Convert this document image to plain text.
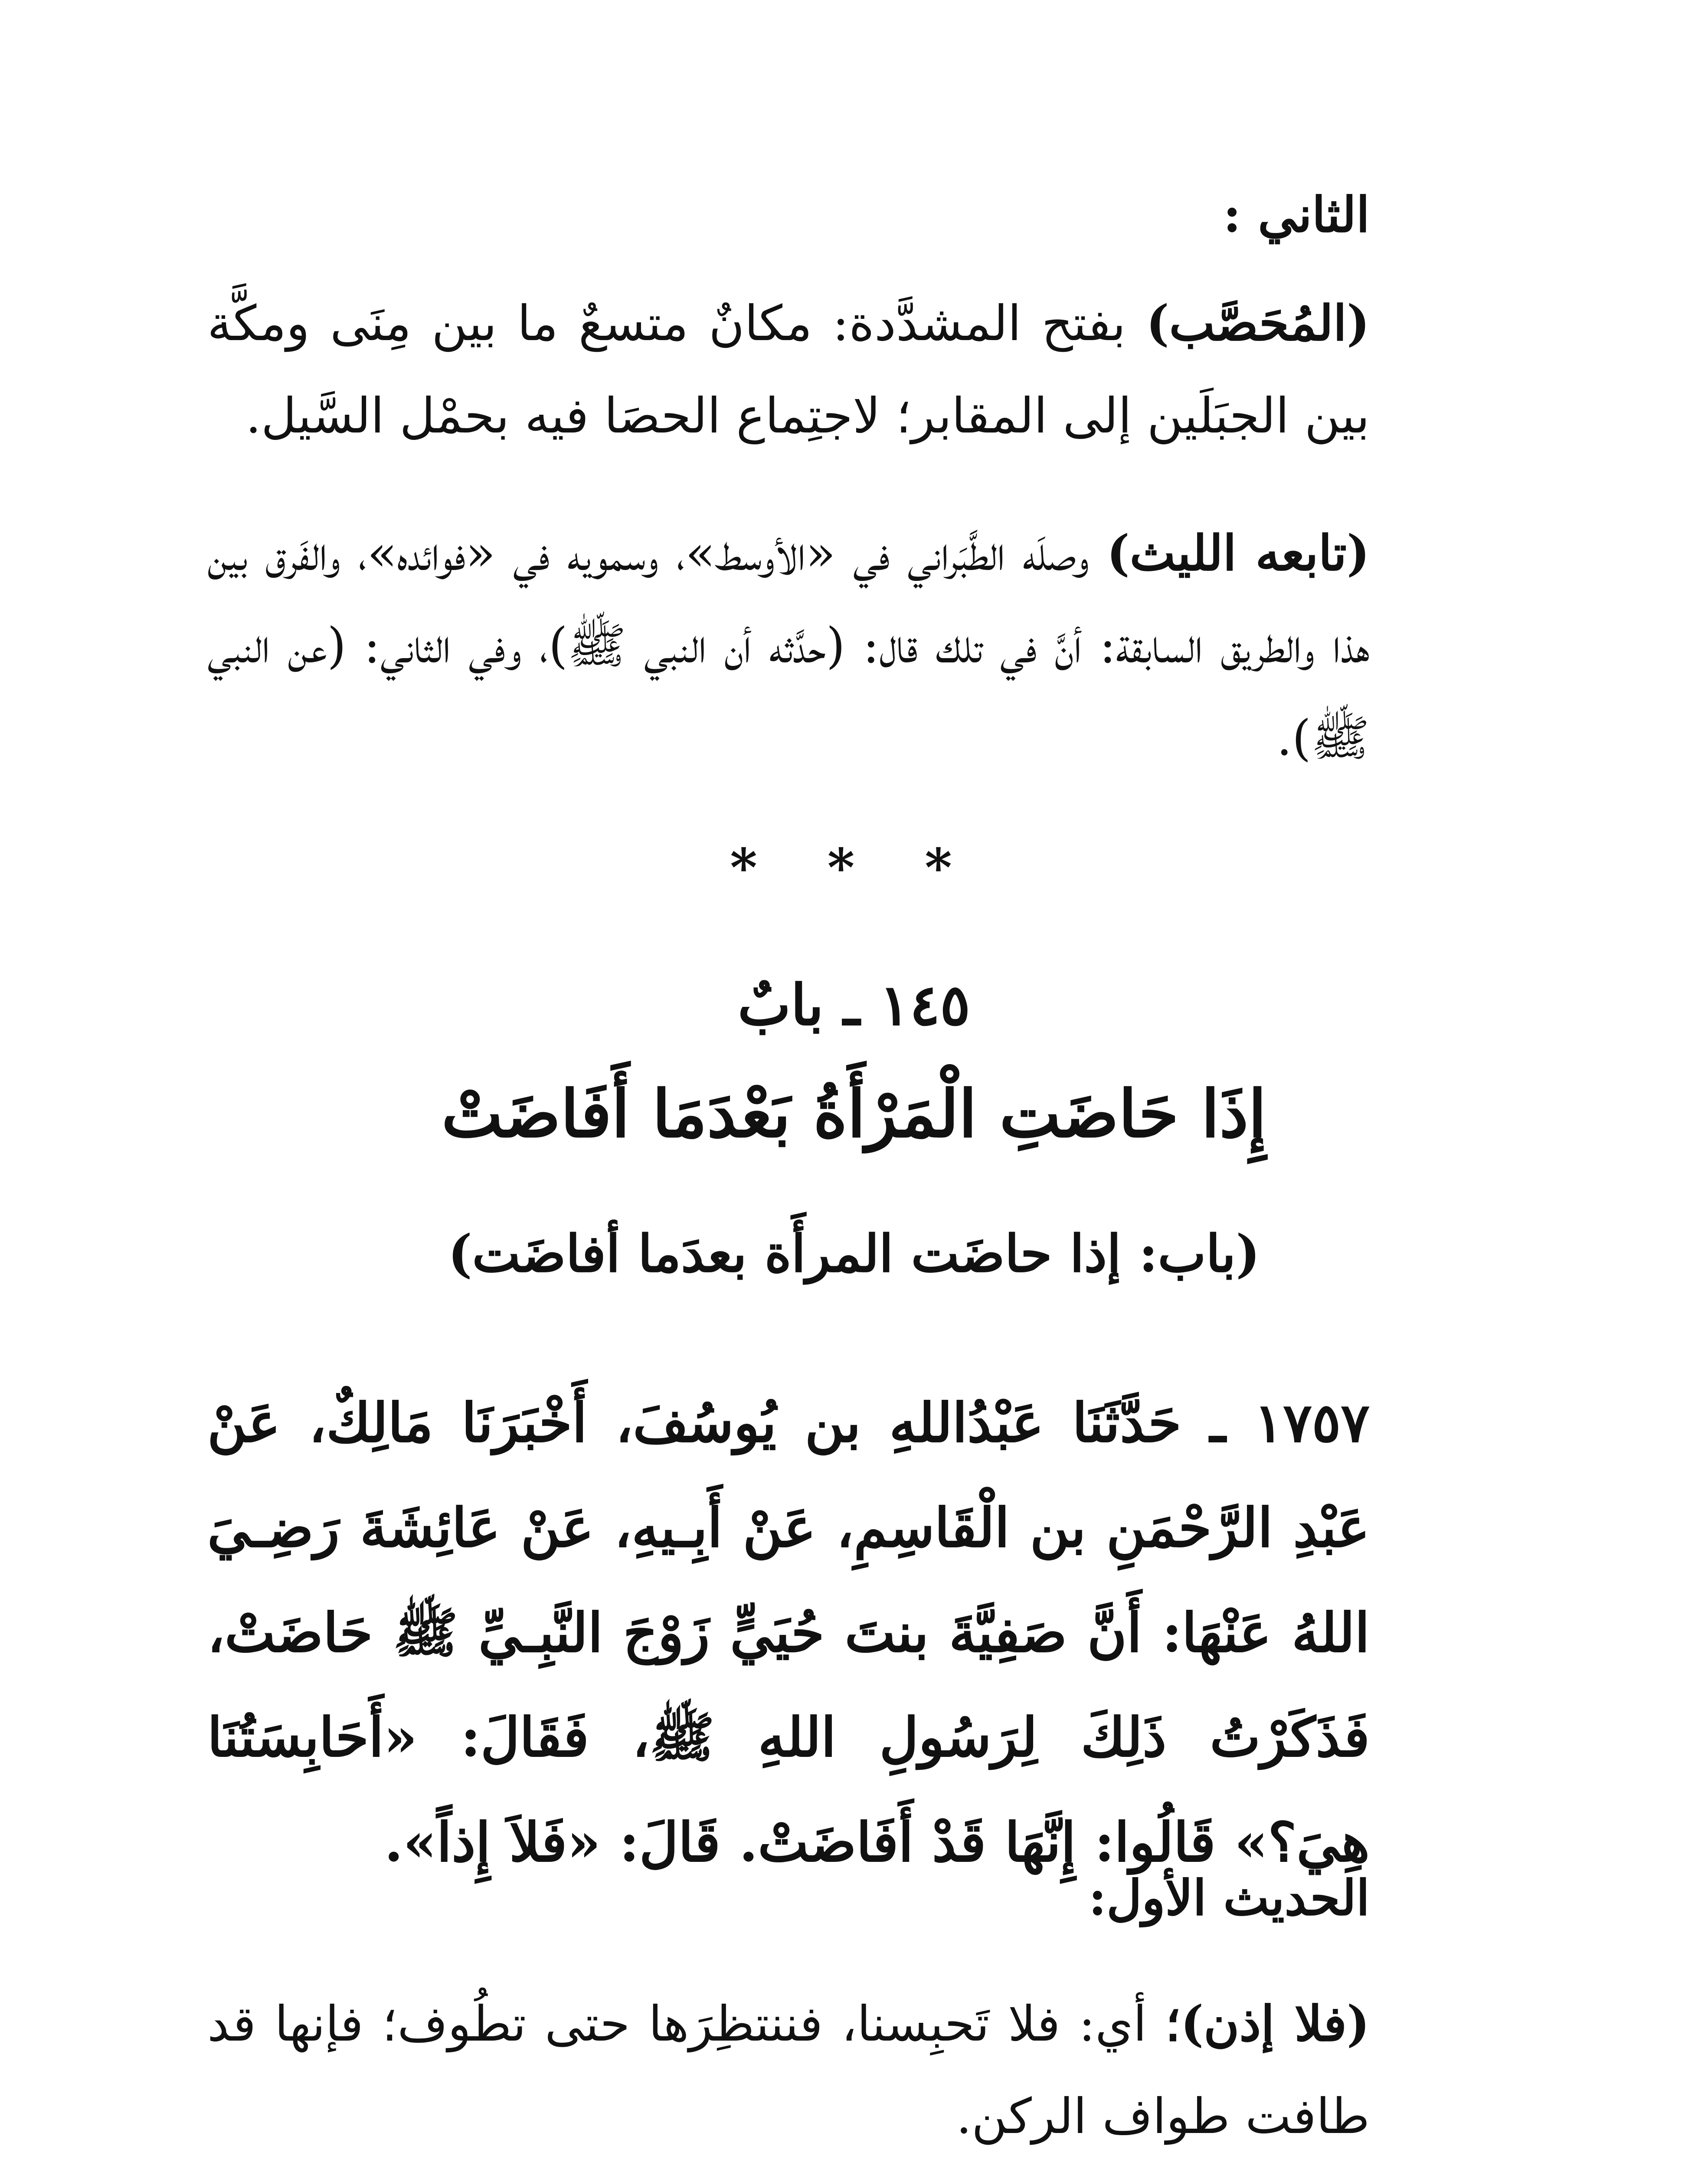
الثاني :
(المُحَصَّب) بفتح المشدَّدة: مكانٌ متسعٌ ما بين مِنَى ومكَّة بين الجبَلَين إلى المقابر؛ لاجتِماع الحصَا فيه بحمْل السَّيل.
(تابعه الليث) وصلَه الطَّبَراني في «الأوسط»، وسمويه في «فوائده»، والفَرق بين هذا والطريق السابقة: أنَّ في تلك قال: (حدَّثه أن النبي ﷺ)، وفي الثاني: (عن النبي ﷺ).
* * *
١٤٥ ـ بابٌ
إِذَا حَاضَتِ الْمَرْأَةُ بَعْدَمَا أَفَاضَتْ
(باب: إذا حاضَت المرأَة بعدَما أفاضَت)
١٧٥٧ ـ حَدَّثَنَا عَبْدُاللهِ بن يُوسُفَ، أَخْبَرَنَا مَالِكٌ، عَنْ عَبْدِ الرَّحْمَنِ بن الْقَاسِمِ، عَنْ أَبِـيهِ، عَنْ عَائِشَةَ رَضِـيَ اللهُ عَنْهَا: أَنَّ صَفِيَّةَ بنتَ حُيَيٍّ زَوْجَ النَّبِـيِّ ﷺ حَاضَتْ، فَذَكَرْتُ ذَلِكَ لِرَسُولِ اللهِ ﷺ، فَقَالَ: «أَحَابِسَتُنَا هِيَ؟» قَالُوا: إِنَّهَا قَدْ أَفَاضَتْ. قَالَ: «فَلاَ إِذاً».
الحديث الأول:
(فلا إذن)؛ أي: فلا تَحبِسنا، فننتظِرَها حتى تطُوف؛ فإنها قد طافت طواف الركن.
